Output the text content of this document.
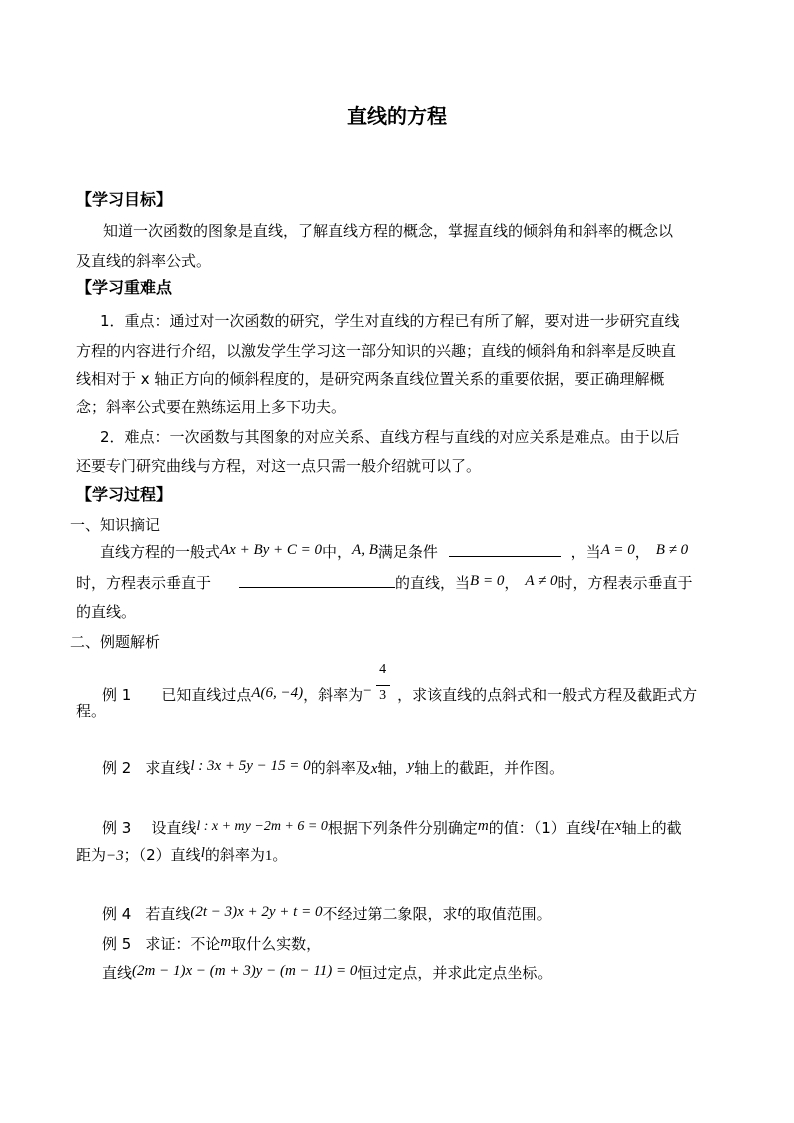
直线的方程
【学习目标】
知道一次函数的图象是直线，了解直线方程的概念，掌握直线的倾斜角和斜率的概念以
及直线的斜率公式。
【学习重难点
1．重点：通过对一次函数的研究，学生对直线的方程已有所了解，要对进一步研究直线
方程的内容进行介绍，以激发学生学习这一部分知识的兴趣；直线的倾斜角和斜率是反映直
线相对于 x 轴正方向的倾斜程度的，是研究两条直线位置关系的重要依据，要正确理解概
念；斜率公式要在熟练运用上多下功夫。
2．难点：一次函数与其图象的对应关系、直线方程与直线的对应关系是难点。由于以后
还要专门研究曲线与方程，对这一点只需一般介绍就可以了。
【学习过程】
一、知识摘记
直线方程的一般式Ax + By + C = 0中，A, B满足条件	，当A = 0， B ≠ 0
时，方程表示垂直于	的直线，当B = 0， A ≠ 0时，方程表示垂直于
的直线。
二、例题解析
例 1 已知直线过点A(6, −4)，斜率为 −
4
3 ，求该直线的点斜式和一般式方程及截距式方
程。
例 2 求直线l : 3x + 5y − 15 = 0的斜率及x轴，y轴上的截距，并作图。
例 3 设直线l : x + my −2m + 6 = 0根据下列条件分别确定m的值：（1）直线l在x轴上的截
距为−3；（2）直线l的斜率为1。
例 4 若直线(2t − 3)x + 2y + t = 0不经过第二象限，求t的取值范围。
例 5 求证：不论m取什么实数，
直线(2m − 1)x − (m + 3)y − (m − 11) = 0恒过定点，并求此定点坐标。
